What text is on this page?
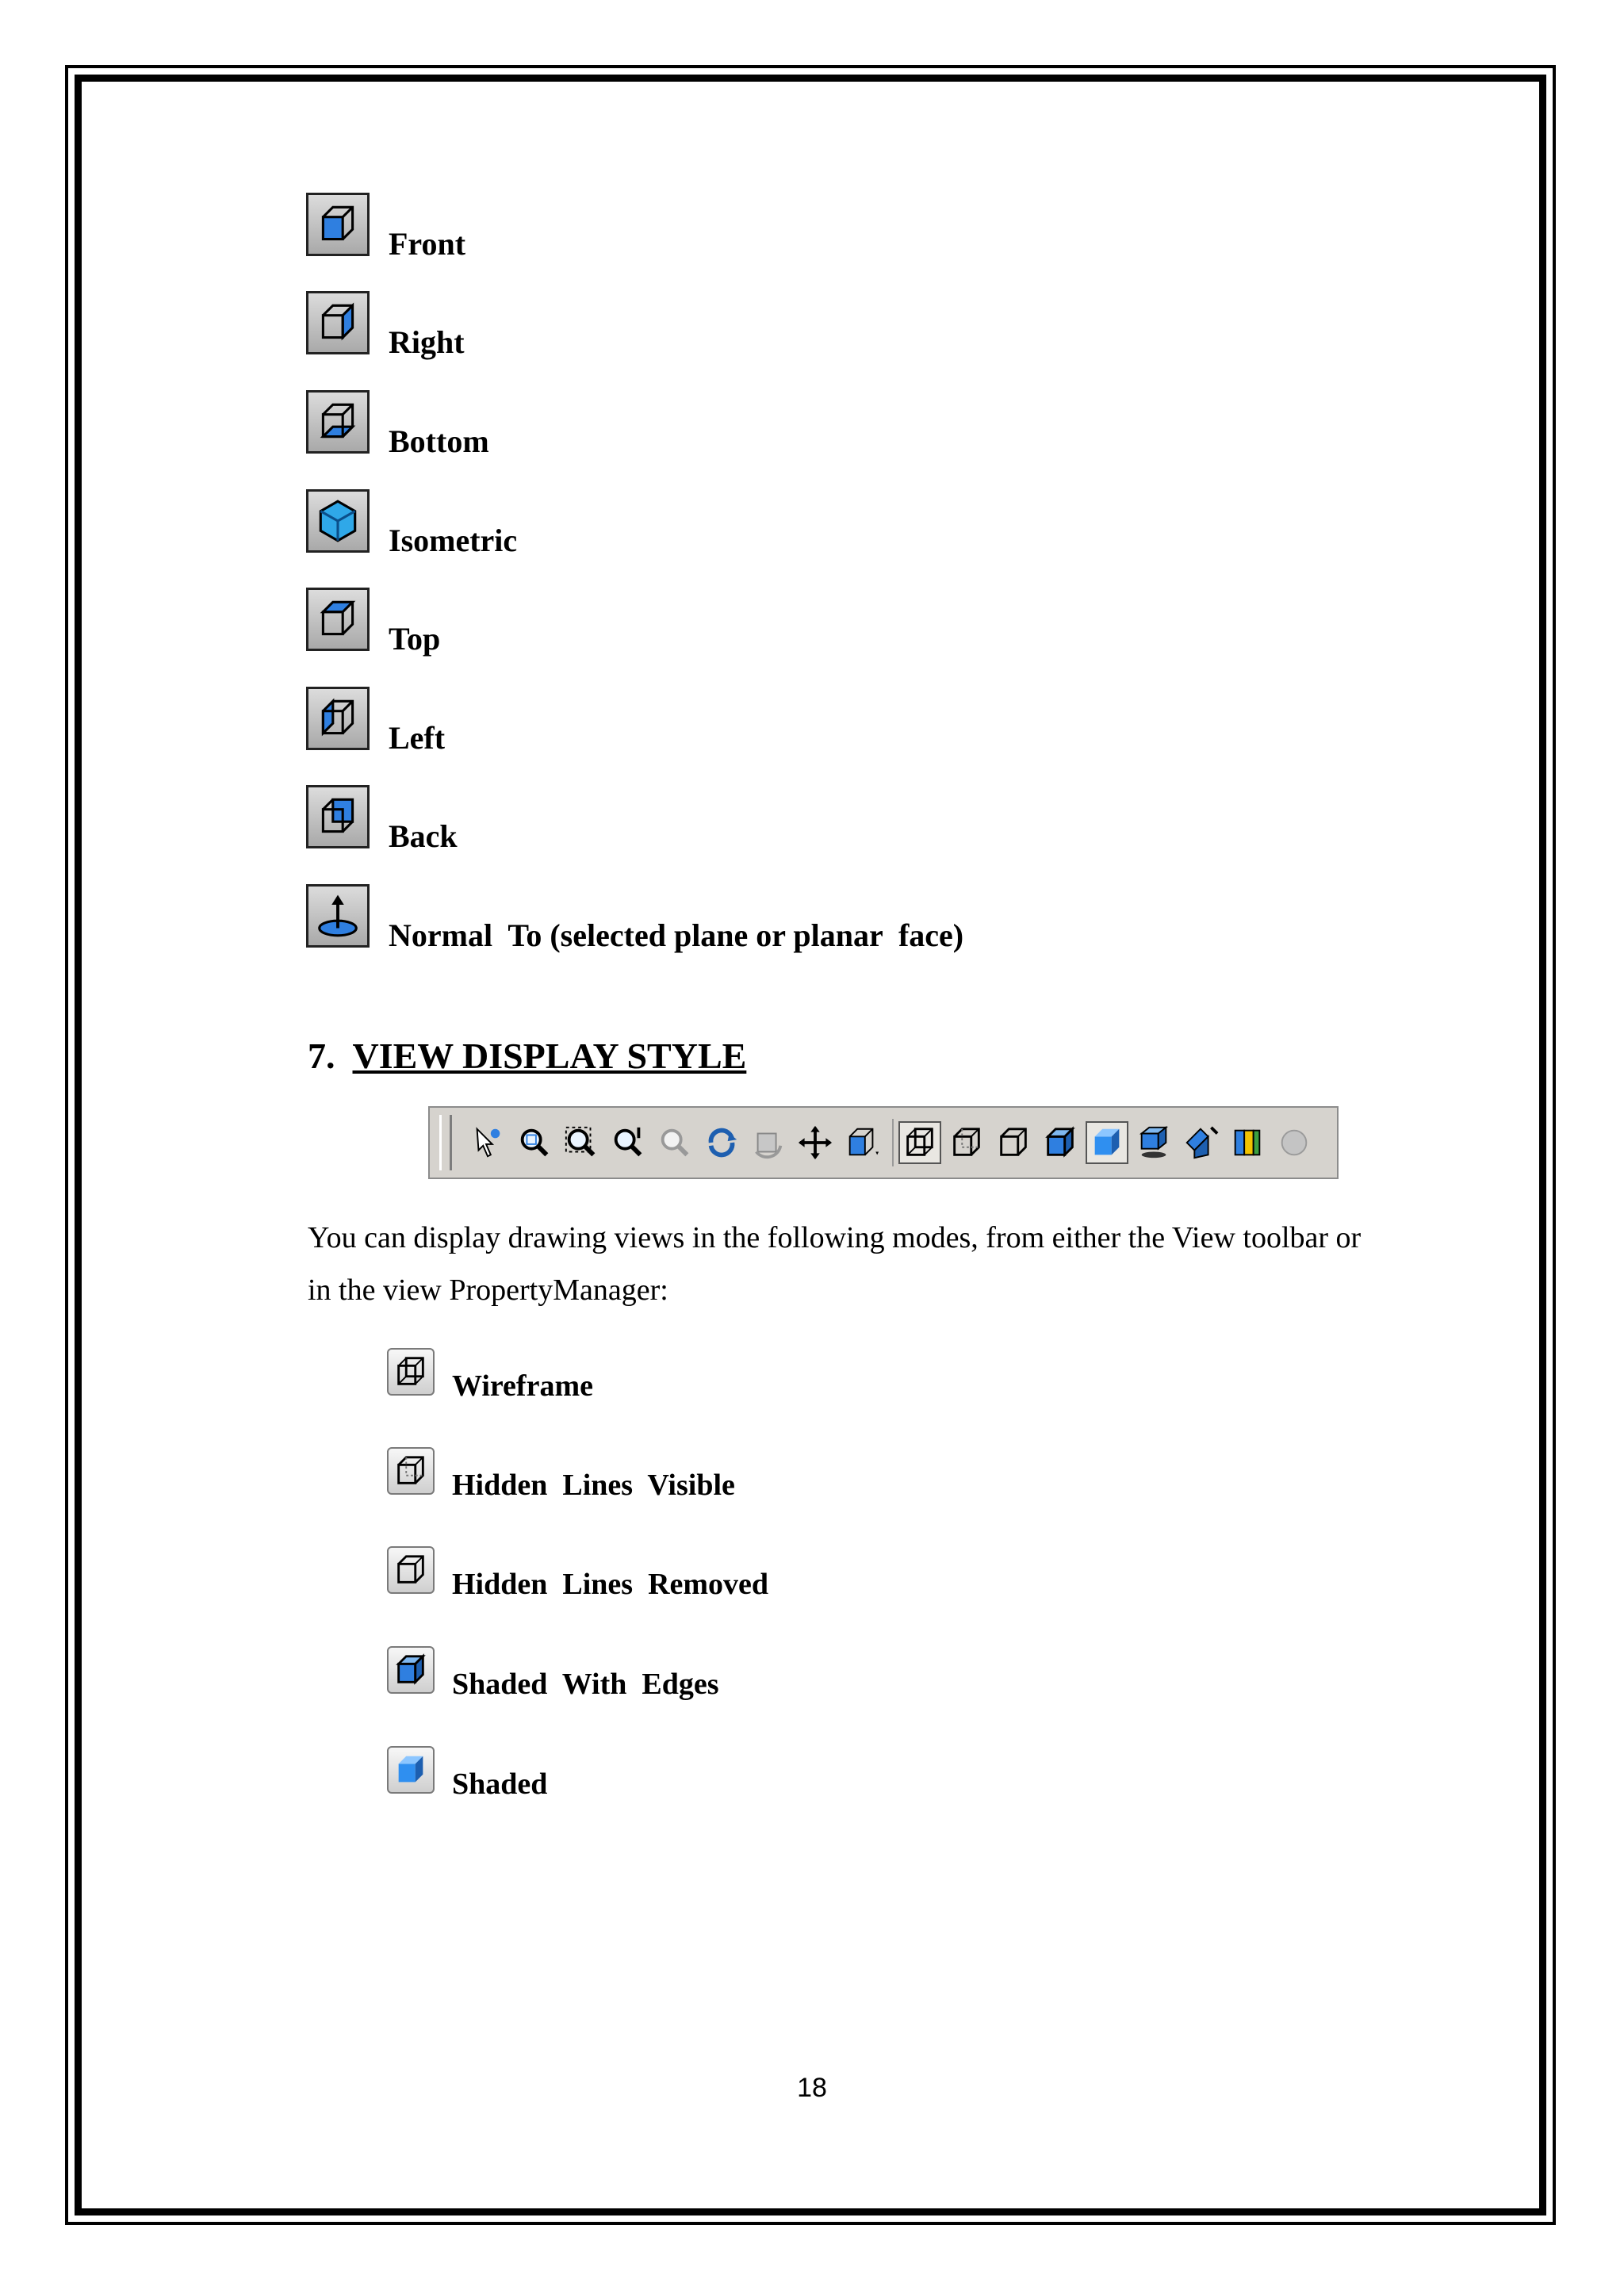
Front
Right
Bottom
Isometric
Top
Left
Back
Normal  To (selected plane or planar  face)
7. VIEW DISPLAY STYLE

You can display drawing views in the following modes, from either the View toolbar or

in the view PropertyManager:

Wireframe
Hidden  Lines  Visible
Hidden  Lines  Removed
Shaded  With  Edges
Shaded
18
